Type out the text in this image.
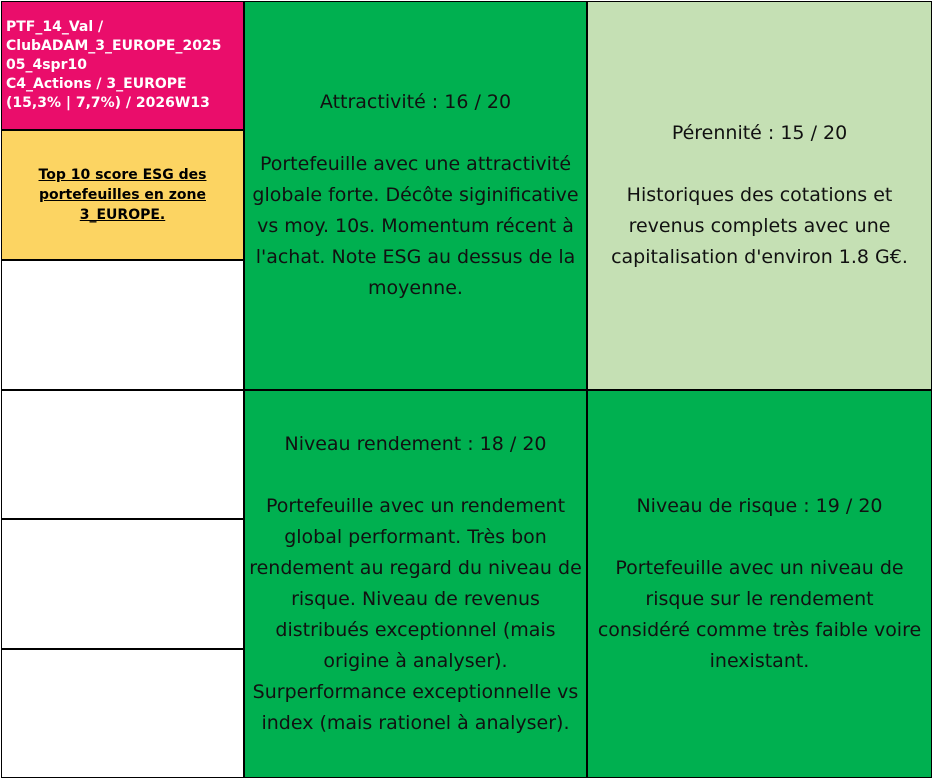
PTF_14_Val /
ClubADAM_3_EUROPE_2025
05_4spr10
C4_Actions / 3_EUROPE
(15,3% | 7,7%) / 2026W13
Top 10 score ESG des portefeuilles en zone 3_EUROPE.
Attractivité : 16 / 20
Portefeuille avec une attractivité globale forte. Décôte siginificative vs moy. 10s. Momentum récent à l'achat. Note ESG au dessus de la moyenne.
Pérennité : 15 / 20
Historiques des cotations et revenus complets avec une capitalisation d'environ 1.8 G€.
Niveau rendement : 18 / 20
Portefeuille avec un rendement global performant. Très bon rendement au regard du niveau de risque. Niveau de revenus distribués exceptionnel (mais origine à analyser). Surperformance exceptionnelle vs index (mais rationel à analyser).
Niveau de risque : 19 / 20
Portefeuille avec un niveau de risque sur le rendement considéré comme très faible voire inexistant.
